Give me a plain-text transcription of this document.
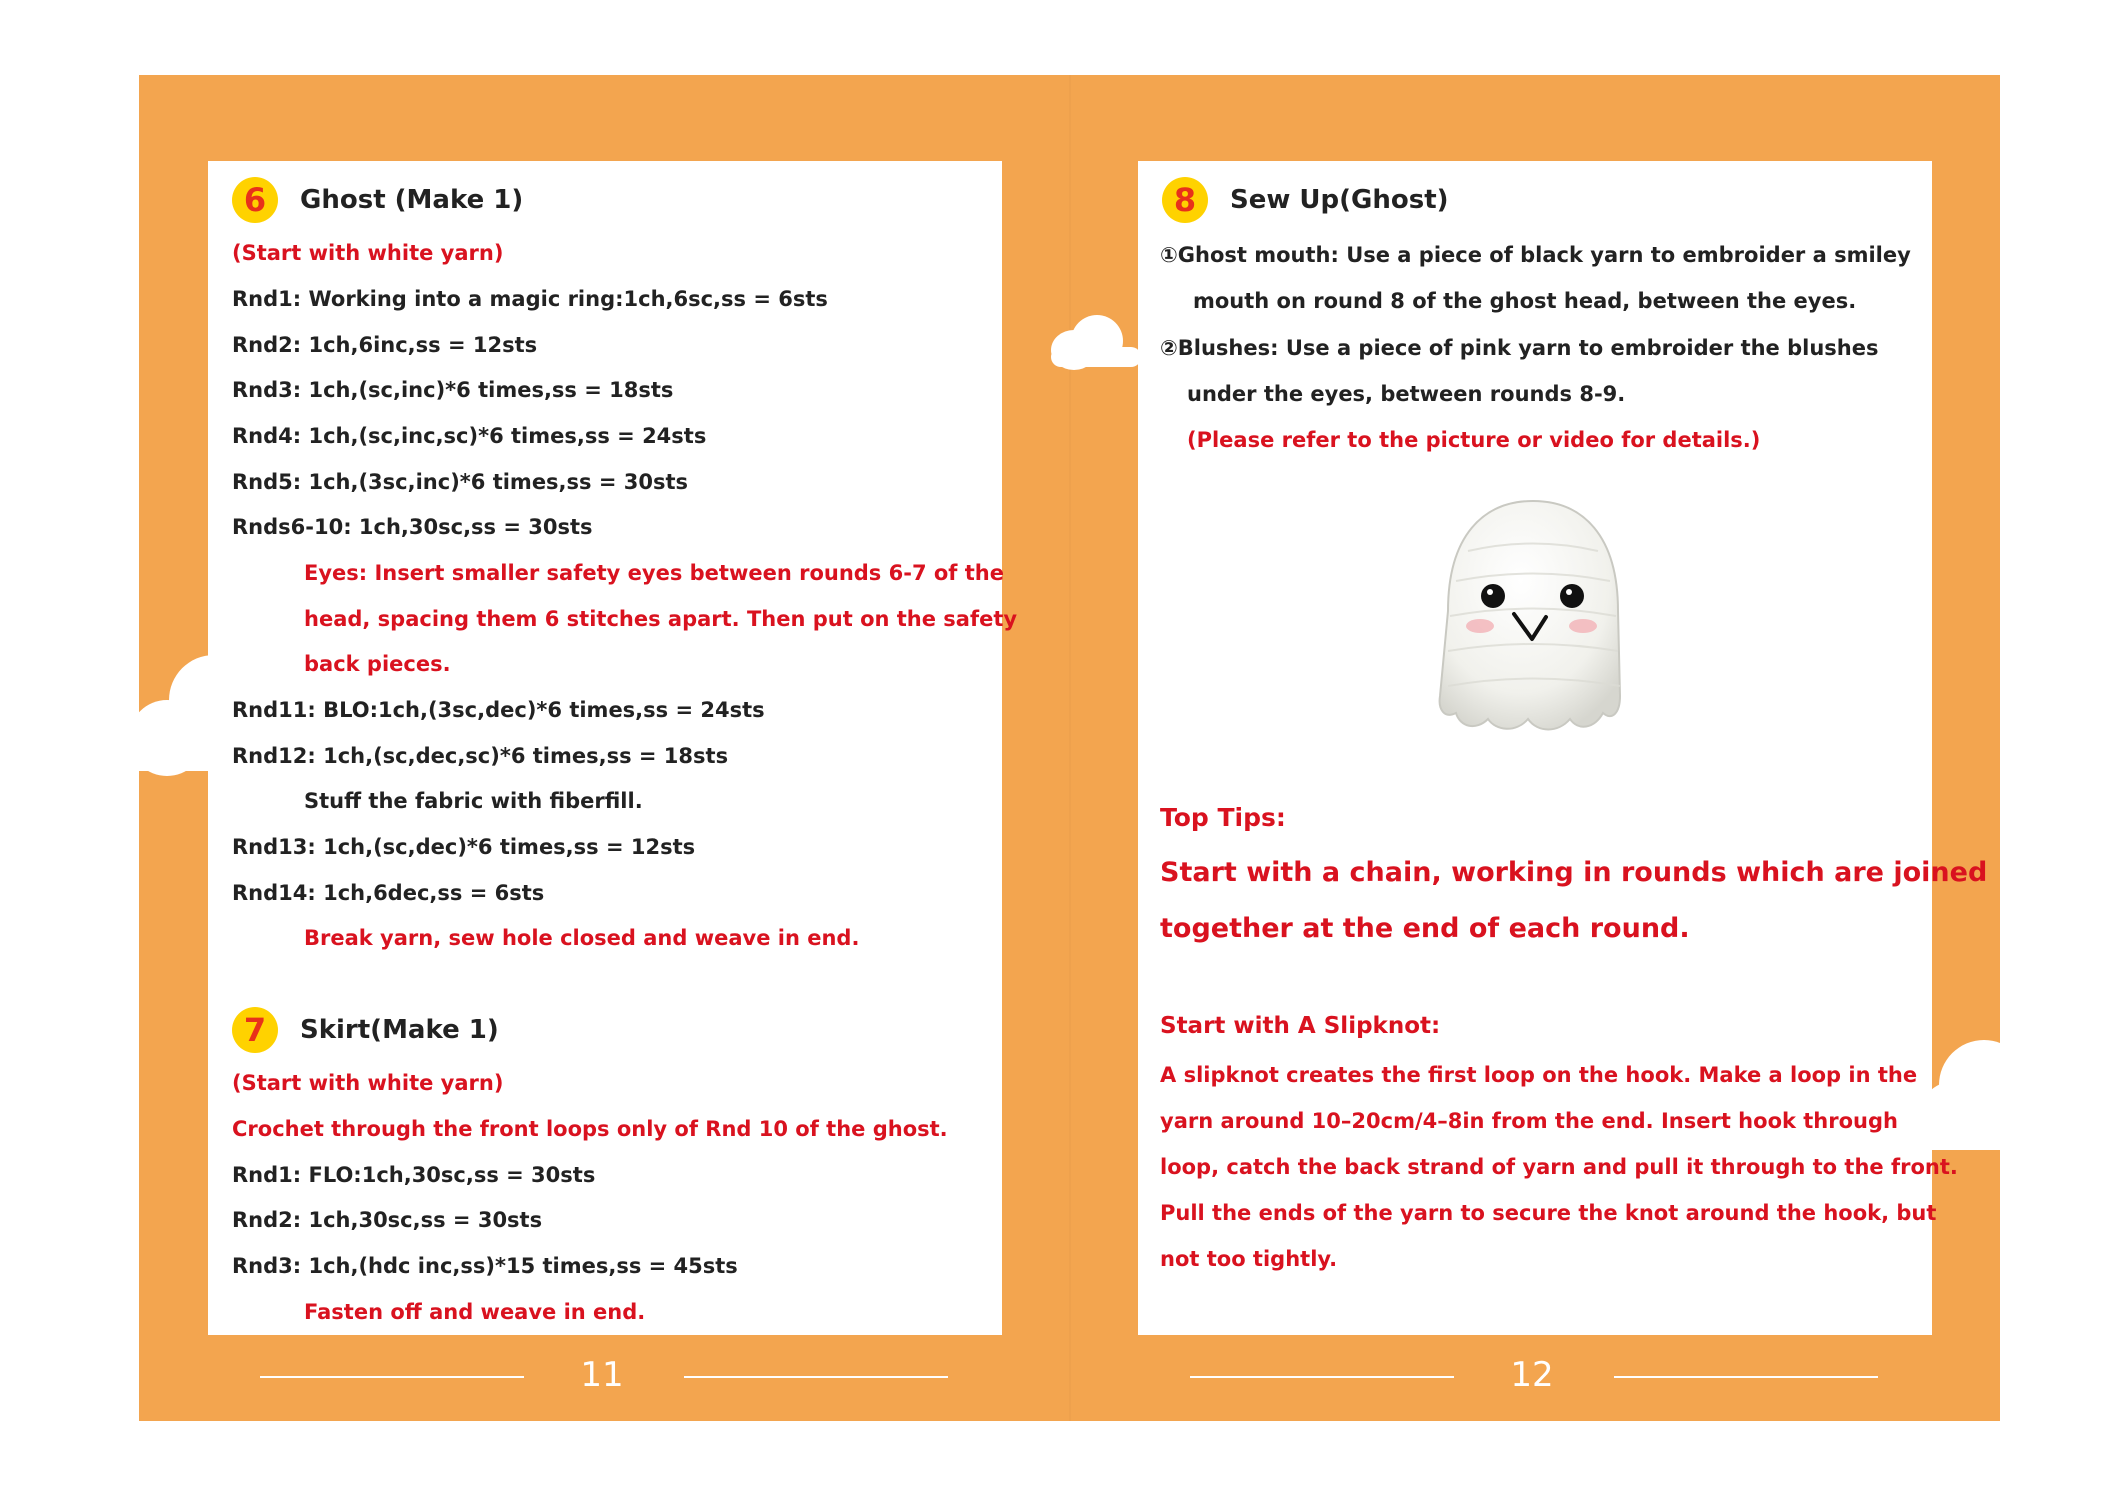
6	Ghost (Make 1)
(Start with white yarn)
Rnd1: Working into a magic ring:1ch,6sc,ss = 6sts
Rnd2: 1ch,6inc,ss = 12sts
Rnd3: 1ch,(sc,inc)*6 times,ss = 18sts
Rnd4: 1ch,(sc,inc,sc)*6 times,ss = 24sts
Rnd5: 1ch,(3sc,inc)*6 times,ss = 30sts
Rnds6-10: 1ch,30sc,ss = 30sts
Eyes: Insert smaller safety eyes between rounds 6-7 of the
head, spacing them 6 stitches apart. Then put on the safety
back pieces.
Rnd11: BLO:1ch,(3sc,dec)*6 times,ss = 24sts
Rnd12: 1ch,(sc,dec,sc)*6 times,ss = 18sts
Stuff the fabric with fiberfill.
Rnd13: 1ch,(sc,dec)*6 times,ss = 12sts
Rnd14: 1ch,6dec,ss = 6sts
Break yarn, sew hole closed and weave in end.
7	Skirt(Make 1)
(Start with white yarn)
Crochet through the front loops only of Rnd 10 of the ghost.
Rnd1: FLO:1ch,30sc,ss = 30sts
Rnd2: 1ch,30sc,ss = 30sts
Rnd3: 1ch,(hdc inc,ss)*15 times,ss = 45sts
Fasten off and weave in end.
8	Sew Up(Ghost)
①Ghost mouth: Use a piece of black yarn to embroider a smiley
mouth on round 8 of the ghost head, between the eyes.
②Blushes: Use a piece of pink yarn to embroider the blushes
under the eyes, between rounds 8-9.
(Please refer to the picture or video for details.)
Top Tips:
Start with a chain, working in rounds which are joined
together at the end of each round.
Start with A Slipknot:
A slipknot creates the first loop on the hook. Make a loop in the
yarn around 10–20cm/4–8in from the end. Insert hook through
loop, catch the back strand of yarn and pull it through to the front.
Pull the ends of the yarn to secure the knot around the hook, but
not too tightly.
11	12
